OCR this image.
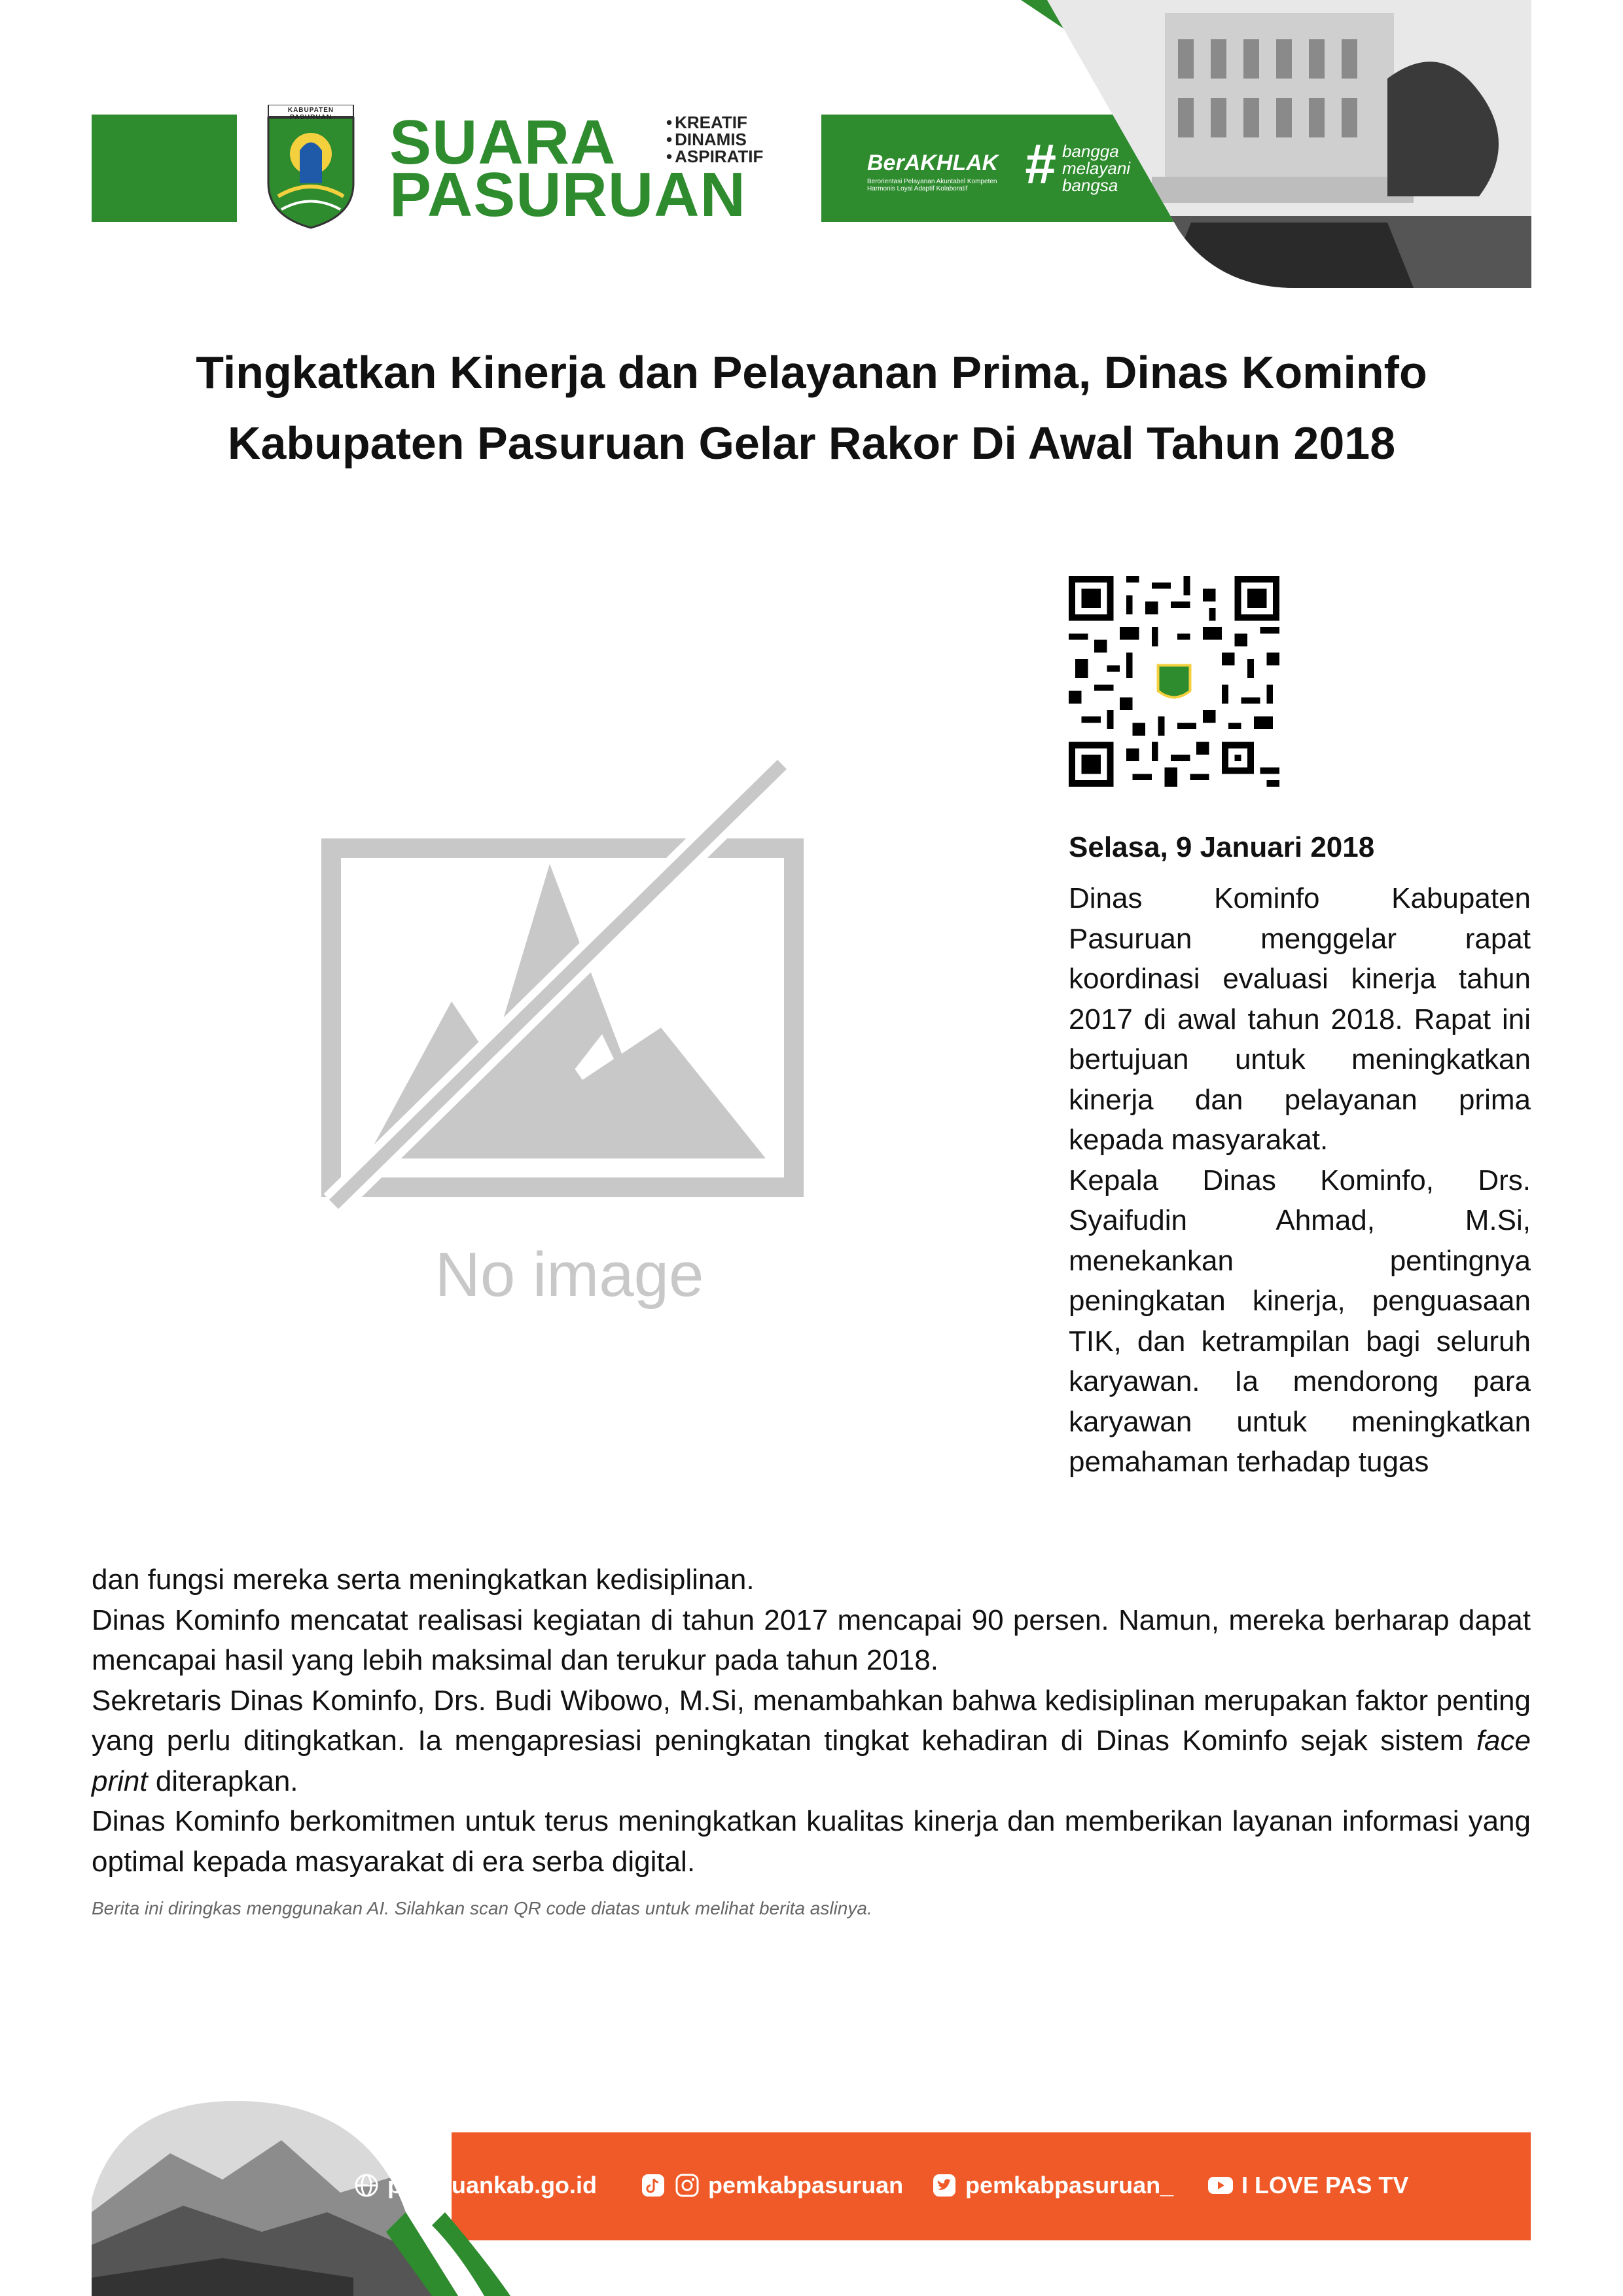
KABUPATEN PASURUAN SUARA
PASURUAN
• KREATIF
• DINAMIS
• ASPIRATIF	BerAKHLAK
Berorientasi Pelayanan Akuntabel Kompeten Harmonis Loyal Adaptif Kolaboratif	# bangga
melayani
bangsa
Tingkatkan Kinerja dan Pelayanan Prima, Dinas Kominfo Kabupaten Pasuruan Gelar Rakor Di Awal Tahun 2018
No image
Selasa, 9 Januari 2018

Dinas Kominfo Kabupaten Pasuruan menggelar rapat koordinasi evaluasi kinerja tahun 2017 di awal tahun 2018. Rapat ini bertujuan untuk meningkatkan kinerja dan pelayanan prima kepada masyarakat.

Kepala Dinas Kominfo, Drs. Syaifudin Ahmad, M.Si, menekankan pentingnya peningkatan kinerja, penguasaan TIK, dan ketrampilan bagi seluruh karyawan. Ia mendorong para karyawan untuk meningkatkan pemahaman terhadap tugas

dan fungsi mereka serta meningkatkan kedisiplinan.

Dinas Kominfo mencatat realisasi kegiatan di tahun 2017 mencapai 90 persen. Namun, mereka berharap dapat mencapai hasil yang lebih maksimal dan terukur pada tahun 2018.

Sekretaris Dinas Kominfo, Drs. Budi Wibowo, M.Si, menambahkan bahwa kedisiplinan merupakan faktor penting yang perlu ditingkatkan. Ia mengapresiasi peningkatan tingkat kehadiran di Dinas Kominfo sejak sistem face print diterapkan.

Dinas Kominfo berkomitmen untuk terus meningkatkan kualitas kinerja dan memberikan layanan informasi yang optimal kepada masyarakat di era serba digital.

Berita ini diringkas menggunakan AI. Silahkan scan QR code diatas untuk melihat berita aslinya.
pasuruankab.go.id	pemkabpasuruan	pemkabpasuruan_	I LOVE PAS TV
